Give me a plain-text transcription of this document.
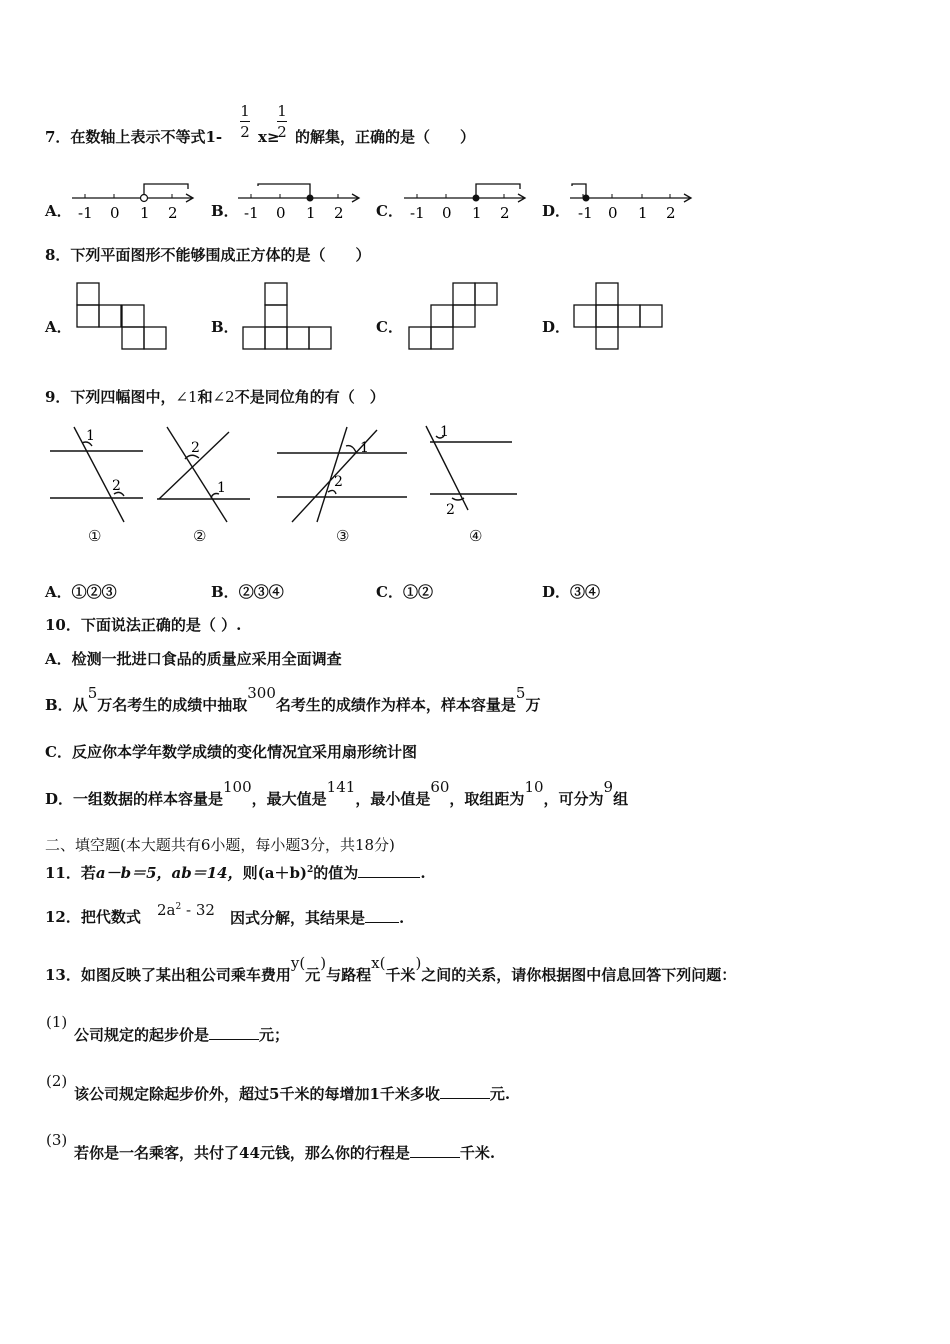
7．在数轴上表示不等式1-
1
2 x≥
1
2 的解集，正确的是（　　）
A．	B．	C．	D．
-1 0 1 2	-1 0 1 2	-1 0 1 2	-1 0 1 2
8．下列平面图形不能够围成正方体的是（　　）
A．	B．	C．	D．
9．下列四幅图中，∠1和∠2不是同位角的有（　）
1
2
2
1
1
2
1
2
①	②	③	④
A．①②③	B．②③④	C．①②	D．③④
10．下面说法正确的是（ ）.
A．检测一批进口食品的质量应采用全面调查
B．从5万名考生的成绩中抽取300名考生的成绩作为样本，样本容量是5万
C．反应你本学年数学成绩的变化情况宜采用扇形统计图
D．一组数据的样本容量是100，最大值是141，最小值是60，取组距为10，可分为9组
二、填空题(本大题共有6小题，每小题3分，共18分)
11．若a－b＝5，ab＝14，则$(a+b)^2$的值为	.
12．把代数式 $2a^2 - 32$ 因式分解，其结果是 .
13．如图反映了某出租公司乘车费用y(元)与路程x(千米)之间的关系，请你根据图中信息回答下列问题：
(1)
公司规定的起步价是	元；
(2)
该公司规定除起步价外，超过5千米的每增加1千米多收	元.
(3)
若你是一名乘客，共付了44元钱，那么你的行程是	千米.
